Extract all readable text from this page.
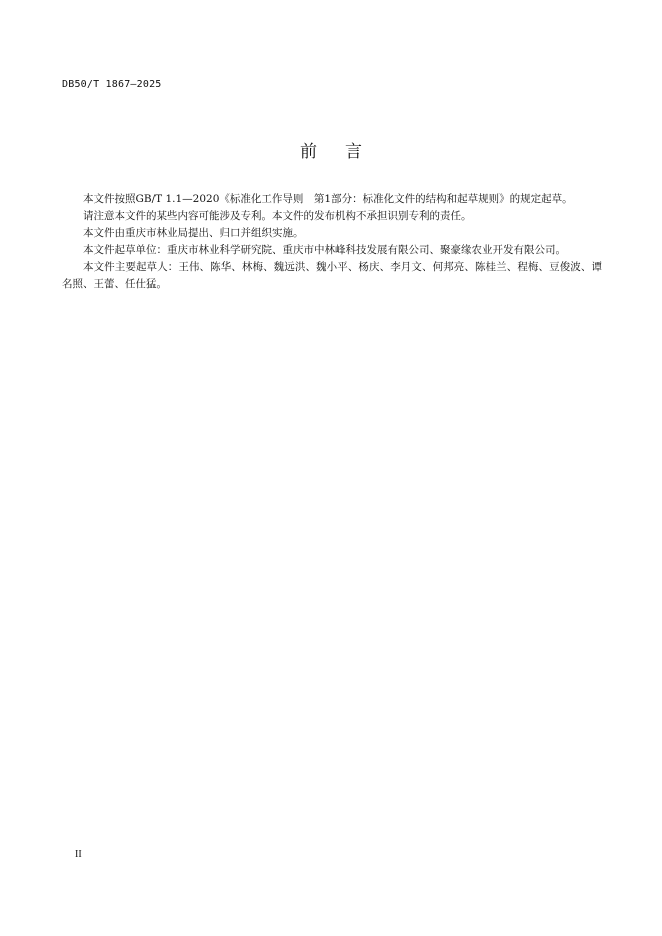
DB50/T 1867—2025
前言

本文件按照GB/T 1.1—2020《标准化工作导则　第1部分：标准化文件的结构和起草规则》的规定起草。

请注意本文件的某些内容可能涉及专利。本文件的发布机构不承担识别专利的责任。

本文件由重庆市林业局提出、归口并组织实施。

本文件起草单位：重庆市林业科学研究院、重庆市中林峰科技发展有限公司、聚豪缘农业开发有限公司。

本文件主要起草人：王伟、陈华、林梅、魏远洪、魏小平、杨庆、李月文、何邦亮、陈桂兰、程梅、豆俊波、谭名照、王蕾、任仕猛。

II
